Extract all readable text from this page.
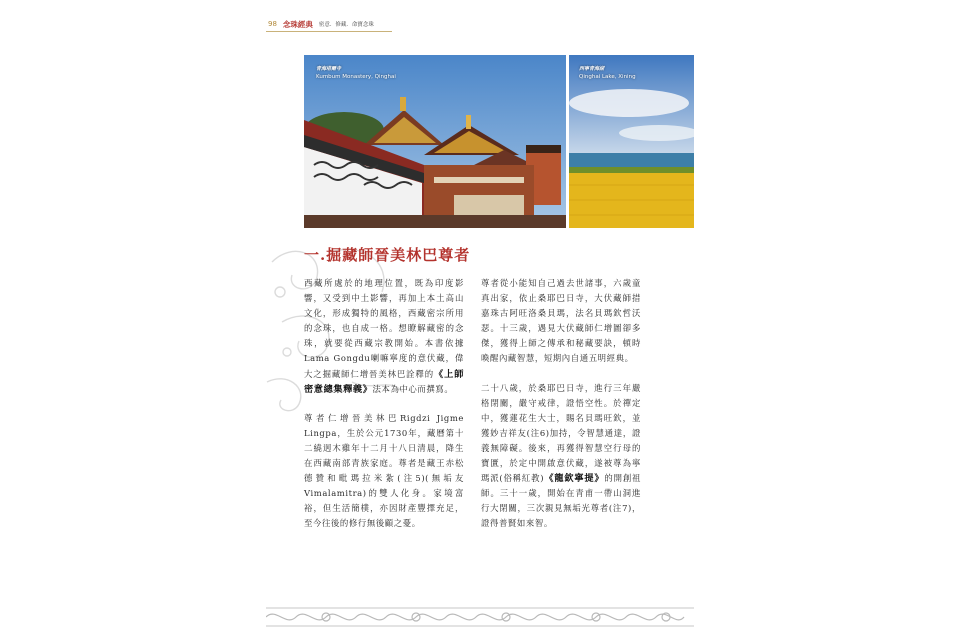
98 念珠經典 密意．修藏．命寶念珠
青海塔爾寺
Kumbum Monastery, Qinghai
西寧青海湖
Qinghai Lake, Xining
一.掘藏師晉美林巴尊者

西藏所處於的地理位置，既為印度影響，又受到中土影響，再加上本土高山文化，形成獨特的風格，西藏密宗所用的念珠，也自成一格。想瞭解藏密的念珠，就要從西藏宗教開始。本書依據Lama Gongdu喇嘛寧度的意伏藏，偉大之掘藏師仁增晉美林巴詮釋的《上師密意總集釋義》法本為中心而撰寫。

尊者仁增晉美林巴Rigdzi Jigme Lingpa，生於公元1730年，藏曆第十二繞迥木雞年十二月十八日清晨，降生在西藏南部青族家庭。尊者是藏王赤松德贊和毗瑪拉米紮(注5)(無垢友Vimalamitra)的雙人化身。家境富裕，但生活簡樸，亦因財產豐擇充足，至今往後的修行無後顧之憂。

尊者從小能知自己過去世諸事，六歲童真出家，依止桑耶巴日寺，大伏藏師措嘉珠古阿旺洛桑貝瑪，法名貝瑪欽哲沃瑟。十三歲，遇見大伏藏師仁增圖卻多傑，獲得上師之傳承和秘藏要訣，頓時喚醒內藏智慧，短期內自通五明經典。

二十八歲，於桑耶巴日寺，進行三年嚴格閉關，嚴守戒律，證悟空性。於禪定中，獲蓮花生大士，賜名貝瑪旺欽，並獲妙吉祥友(注6)加持，令智慧通達，證義無障礙。後來，再獲得智慧空行母的寶匱，於定中開啟意伏藏，遂被尊為寧瑪派(俗稱紅教)《龍欽寧提》的開創祖師。三十一歲，開始在青甫一帶山洞進行大閉關，三次親見無垢光尊者(注7)，證得普賢如來智。
